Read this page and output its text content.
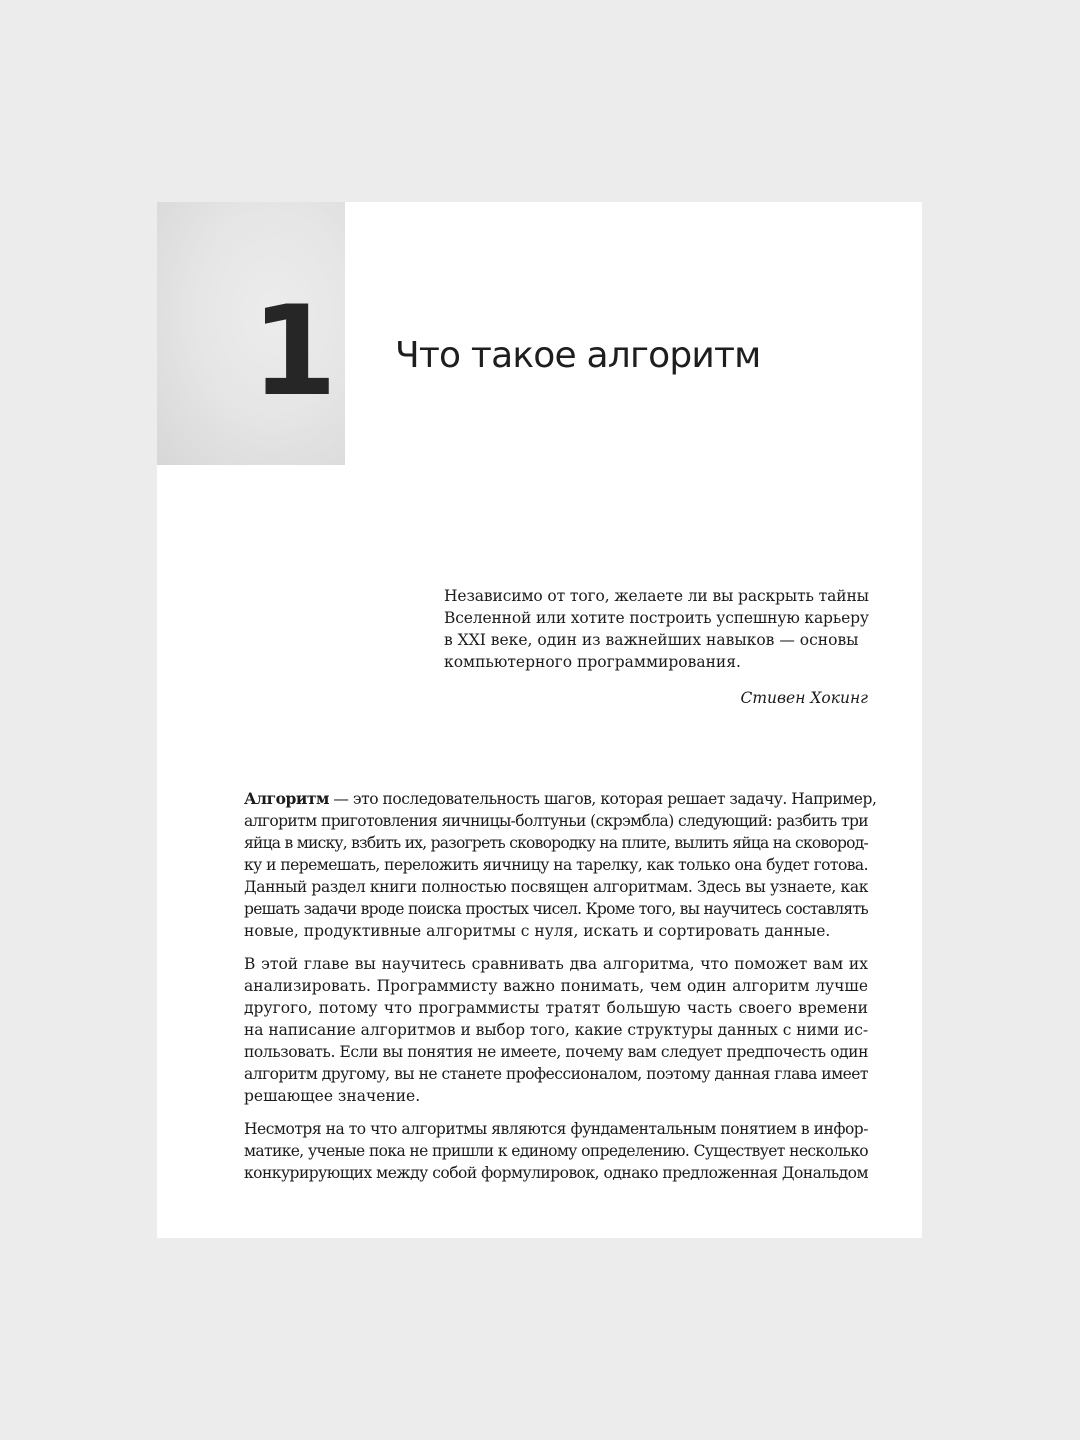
1 Что такое алгоритм
Независимо от того, желаете ли вы раскрыть тайны
Вселенной или хотите построить успешную карьеру
в XXI веке, один из важнейших навыков — основы
компьютерного программирования.
Стивен Хокинг

Алгоритм — это последовательность шагов, которая решает задачу. Например,
алгоритм приготовления яичницы-болтуньи (скрэмбла) следующий: разбить три
яйца в миску, взбить их, разогреть сковородку на плите, вылить яйца на сковород-
ку и перемешать, переложить яичницу на тарелку, как только она будет готова.
Данный раздел книги полностью посвящен алгоритмам. Здесь вы узнаете, как
решать задачи вроде поиска простых чисел. Кроме того, вы научитесь составлять
новые, продуктивные алгоритмы с нуля, искать и сортировать данные.

В этой главе вы научитесь сравнивать два алгоритма, что поможет вам их
анализировать. Программисту важно понимать, чем один алгоритм лучше
другого, потому что программисты тратят большую часть своего времени
на написание алгоритмов и выбор того, какие структуры данных с ними ис-
пользовать. Если вы понятия не имеете, почему вам следует предпочесть один
алгоритм другому, вы не станете профессионалом, поэтому данная глава имеет
решающее значение.

Несмотря на то что алгоритмы являются фундаментальным понятием в инфор-
матике, ученые пока не пришли к единому определению. Существует несколько
конкурирующих между собой формулировок, однако предложенная Дональдом
